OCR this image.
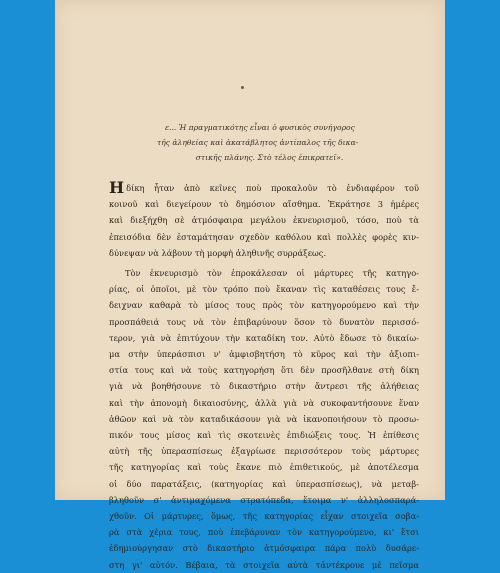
ε... Ἡ πραγματικότης εἶναι ὁ φυσικὸς συνήγορος
τῆς ἀληθείας καὶ ἀκατάβλητος ἀντίπαλος τῆς δικα-
στικῆς πλάνης. Στὸ τέλος ἐπικρατεῖ».
Η δίκη ἦταν ἀπὸ κεῖνες ποὺ προκαλοῦν τὸ ἐνδιαφέρον τοῦ
κοινοῦ καὶ διεγείρουν τὸ δημόσιον αἴσθημα. Ἐκράτησε 3 ἡμέρες
καὶ διεξήχθη σὲ ἀτμόσφαιρα μεγάλου ἐκνευρισμοῦ, τόσο, ποὺ τὰ
ἐπεισόδια δὲν ἐσταμάτησαν σχεδὸν καθόλου καὶ πολλὲς φορὲς κιν-
δύνεψαν νὰ λάβουν τὴ μορφὴ ἀληθινῆς συρράξεως.
Τὸν ἐκνευρισμὸ τὸν ἐπροκάλεσαν οἱ μάρτυρες τῆς κατηγο-
ρίας, οἱ ὁποῖοι, μὲ τὸν τρόπο ποὺ ἔκαναν τὶς καταθέσεις τους ἔ-
δειχναν καθαρὰ τὸ μίσος τους πρὸς τὸν κατηγορούμενο καὶ τὴν
προσπάθειά τους νὰ τὸν ἐπιβαρύνουν ὅσον τὸ δυνατὸν περισσό-
τερον, γιὰ νὰ ἐπιτύχουν τὴν καταδίκη τον. Αὐτὸ ἔδωσε τὸ δικαίω-
μα στὴν ὑπεράσπισι ν' ἀμφισβητήση τὸ κῦρος καὶ τὴν ἀξιοπι-
στία τους καὶ νὰ τοὺς κατηγορήση ὅτι δὲν προσῆλθανε στὴ δίκη
γιὰ νὰ βοηθήσουνε τὸ δικαστήριο στὴν ἄντρεσι τῆς ἀλήθειας
καὶ τὴν ἀπονομὴ δικαιοσύνης, ἀλλὰ γιὰ νὰ συκοφαντήσουνε ἕναν
ἀθῶον καὶ νὰ τὸν καταδικάσουν γιὰ νὰ ἱκανοποιήσουν τὸ προσω-
πικόν τους μίσος καὶ τὶς σκοτεινὲς ἐπιδιώξεις τους. Ἡ ἐπίθεσις
αὐτὴ τῆς ὑπερασπίσεως ἐξαγρίωσε περισσότερον τοὺς μάρτυρες
τῆς κατηγορίας καὶ τοὺς ἔκανε πιὸ ἐπιθετικούς, μὲ ἀποτέλεσμα
οἱ δύο παρατάξεις, (κατηγορίας καὶ ὑπερασπίσεως), νὰ μεταβ-
βληθοῦν σ' ἀντιμαχόμενα στρατόπεδα, ἕτοιμα ν' ἀλληλοσπαρά-
χθοῦν. Οἱ μάρτυρες, ὅμως, τῆς κατηγορίας εἶχαν στοιχεῖα σοβα-
ρὰ στὰ χέρια τους, ποὺ ἐπεβάρυναν τὸν κατηγορούμενο, κι' ἔτσι
ἐδημιούργησαν στὸ δικαστήριο ἀτμόσφαιρα πάρα πολὺ δυσάρε-
στη γι' αὐτόν. Βέβαια, τὰ στοιχεῖα αὐτὰ τἀντέκρουε μὲ πεῖσμα
